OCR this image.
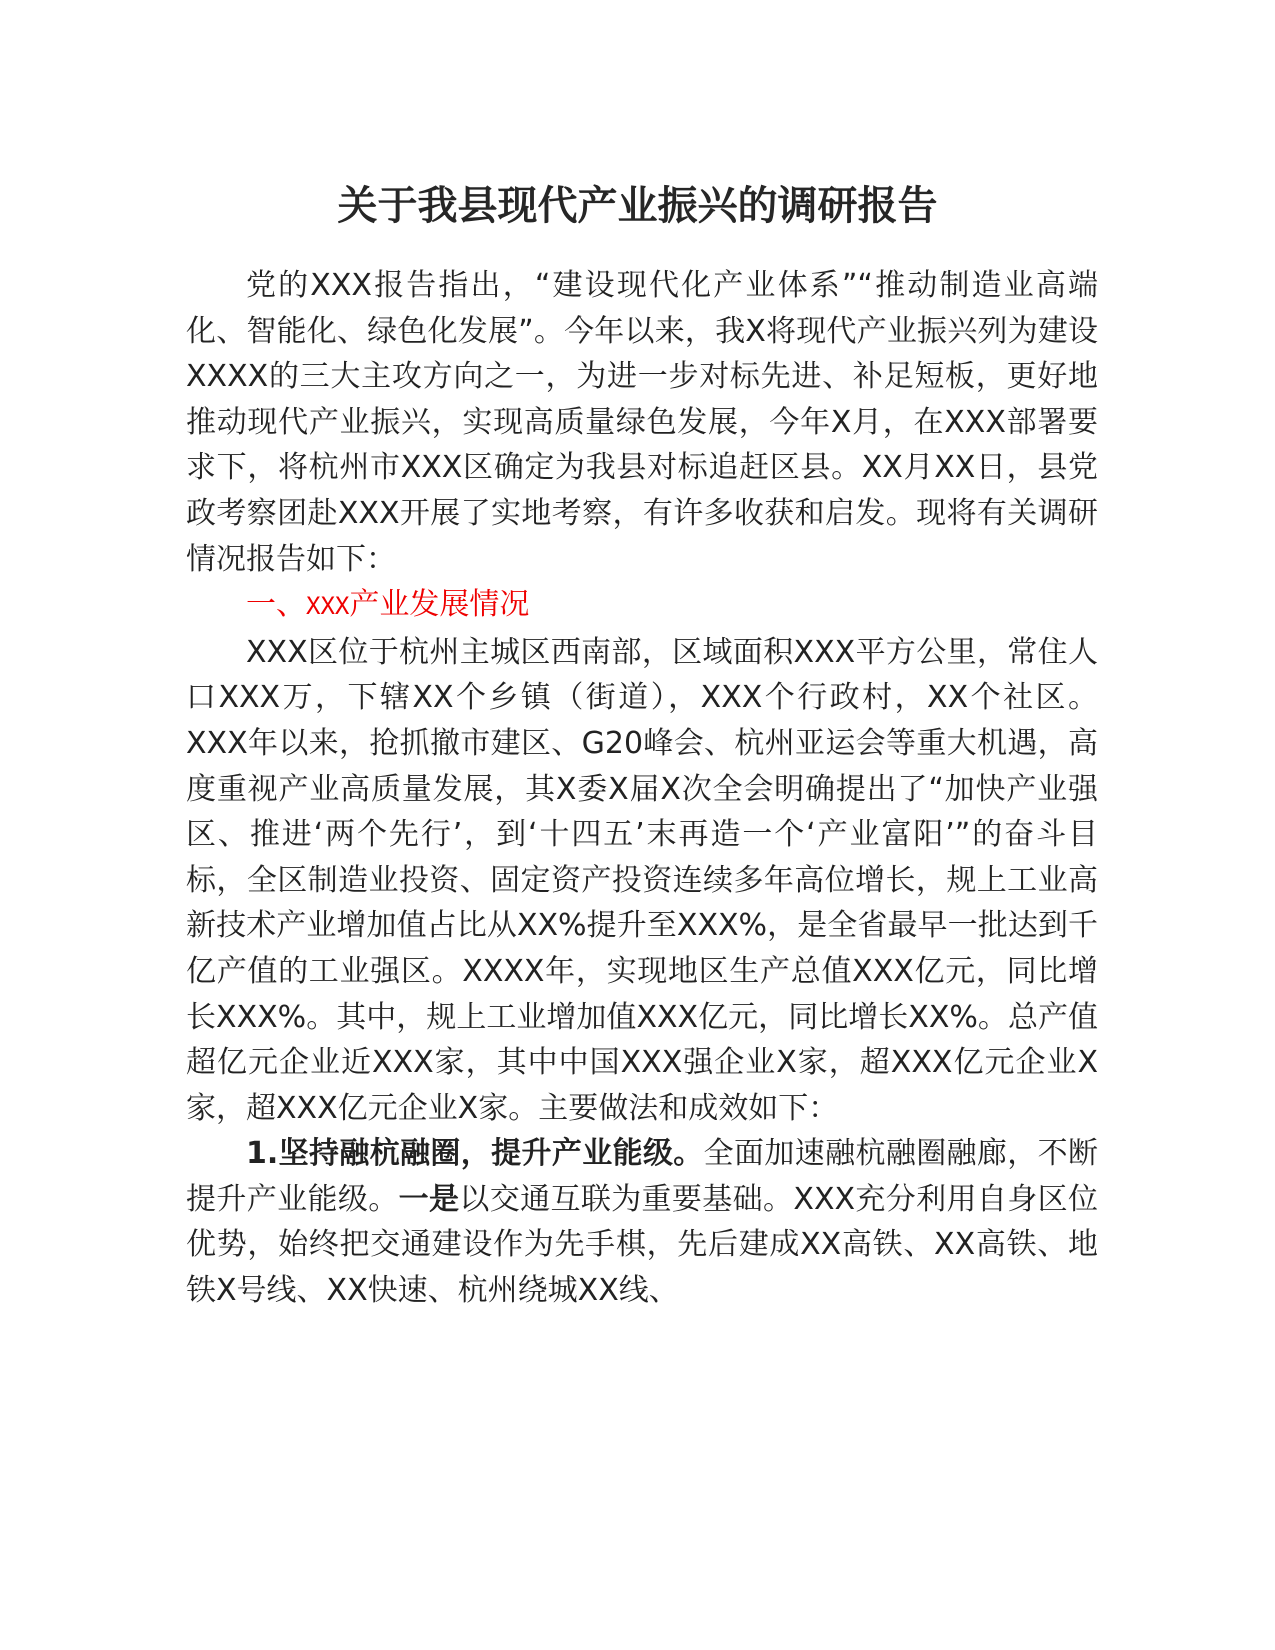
关于我县现代产业振兴的调研报告

党的XXX报告指出，“建设现代化产业体系”“推动制造业高端化、智能化、绿色化发展”。今年以来，我X将现代产业振兴列为建设XXXX的三大主攻方向之一，为进一步对标先进、补足短板，更好地推动现代产业振兴，实现高质量绿色发展，今年X月，在XXX部署要求下，将杭州市XXX区确定为我县对标追赶区县。XX月XX日，县党政考察团赴XXX开展了实地考察，有许多收获和启发。现将有关调研情况报告如下：

一、XXX产业发展情况

XXX区位于杭州主城区西南部，区域面积XXX平方公里，常住人口XXX万，下辖XX个乡镇（街道），XXX个行政村，XX个社区。XXX年以来，抢抓撤市建区、G20峰会、杭州亚运会等重大机遇，高度重视产业高质量发展，其X委X届X次全会明确提出了“加快产业强区、推进‘两个先行’，到‘十四五’末再造一个‘产业富阳’”的奋斗目标，全区制造业投资、固定资产投资连续多年高位增长，规上工业高新技术产业增加值占比从XX%提升至XXX%，是全省最早一批达到千亿产值的工业强区。XXXX年，实现地区生产总值XXX亿元，同比增长XXX%。其中，规上工业增加值XXX亿元，同比增长XX%。总产值超亿元企业近XXX家，其中中国XXX强企业X家，超XXX亿元企业X家，超XXX亿元企业X家。主要做法和成效如下：

1.坚持融杭融圈，提升产业能级。全面加速融杭融圈融廊，不断提升产业能级。一是以交通互联为重要基础。XXX充分利用自身区位优势，始终把交通建设作为先手棋，先后建成XX高铁、XX高铁、地铁X号线、XX快速、杭州绕城XX线、
